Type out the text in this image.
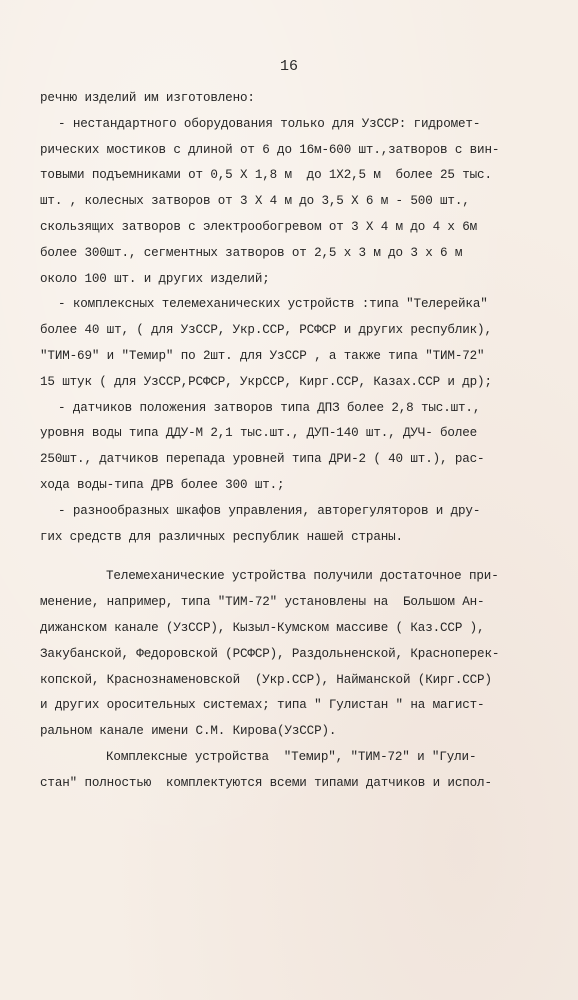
16
речню изделий им изготовлено:
- нестандартного оборудования только для УзССР: гидромет-
рических мостиков с длиной от 6 до 16м-600 шт.,затворов с вин-
товыми подъемниками от 0,5 Х 1,8 м  до 1Х2,5 м  более 25 тыс.
шт. , колесных затворов от 3 Х 4 м до 3,5 Х 6 м - 500 шт.,
скользящих затворов с электрообогревом от 3 Х 4 м до 4 х 6м
более 300шт., сегментных затворов от 2,5 х 3 м до 3 х 6 м
около 100 шт. и других изделий;
- комплексных телемеханических устройств :типа "Телерейка"
более 40 шт, ( для УзССР, Укр.ССР, РСФСР и других республик),
"ТИМ-69" и "Темир" по 2шт. для УзССР , а также типа "ТИМ-72"
15 штук ( для УзССР,РСФСР, УкрССР, Кирг.ССР, Казах.ССР и др);
- датчиков положения затворов типа ДПЗ более 2,8 тыс.шт.,
уровня воды типа ДДУ-М 2,1 тыс.шт., ДУП-140 шт., ДУЧ- более
250шт., датчиков перепада уровней типа ДРИ-2 ( 40 шт.), рас-
хода воды-типа ДРВ более 300 шт.;
- разнообразных шкафов управления, авторегуляторов и дру-
гих средств для различных республик нашей страны.
Телемеханические устройства получили достаточное при-
менение, например, типа "ТИМ-72" установлены на  Большом Ан-
дижанском канале (УзССР), Кызыл-Кумском массиве ( Каз.ССР ),
Закубанской, Федоровской (РСФСР), Раздольненской, Красноперек-
копской, Краснознаменовской  (Укр.ССР), Найманской (Кирг.ССР)
и других оросительных системах; типа " Гулистан " на магист-
ральном канале имени С.М. Кирова(УзССР).
Комплексные устройства  "Темир", "ТИМ-72" и "Гули-
стан" полностью  комплектуются всеми типами датчиков и испол-
